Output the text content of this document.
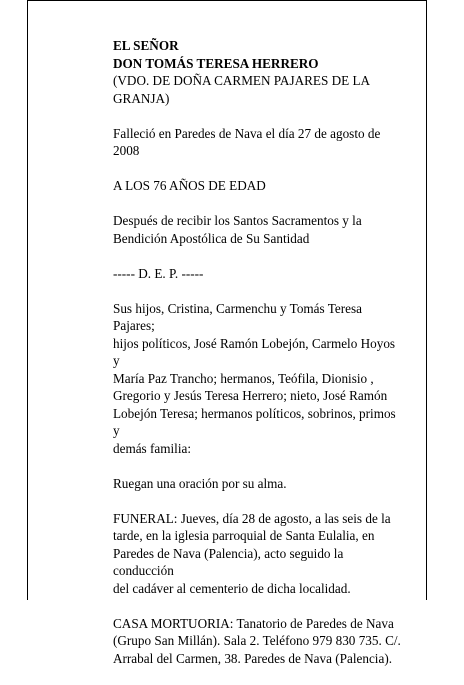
EL SEÑOR
DON TOMÁS TERESA HERRERO
(VDO. DE DOÑA CARMEN PAJARES DE LA
GRANJA)
Falleció en Paredes de Nava el día 27 de agosto de 2008
A LOS 76 AÑOS DE EDAD
Después de recibir los Santos Sacramentos y la
Bendición Apostólica de Su Santidad
----- D. E. P. -----
Sus hijos, Cristina, Carmenchu y Tomás Teresa Pajares;
hijos políticos, José Ramón Lobejón, Carmelo Hoyos y
María Paz Trancho; hermanos, Teófila, Dionisio ,
Gregorio y Jesús Teresa Herrero; nieto, José Ramón
Lobejón Teresa; hermanos políticos, sobrinos, primos y
demás familia:
Ruegan una oración por su alma.
FUNERAL: Jueves, día 28 de agosto, a las seis de la
tarde, en la iglesia parroquial de Santa Eulalia, en
Paredes de Nava (Palencia), acto seguido la conducción
del cadáver al cementerio de dicha localidad.
CASA MORTUORIA: Tanatorio de Paredes de Nava
(Grupo San Millán). Sala 2. Teléfono 979 830 735. C/.
Arrabal del Carmen, 38. Paredes de Nava (Palencia).
